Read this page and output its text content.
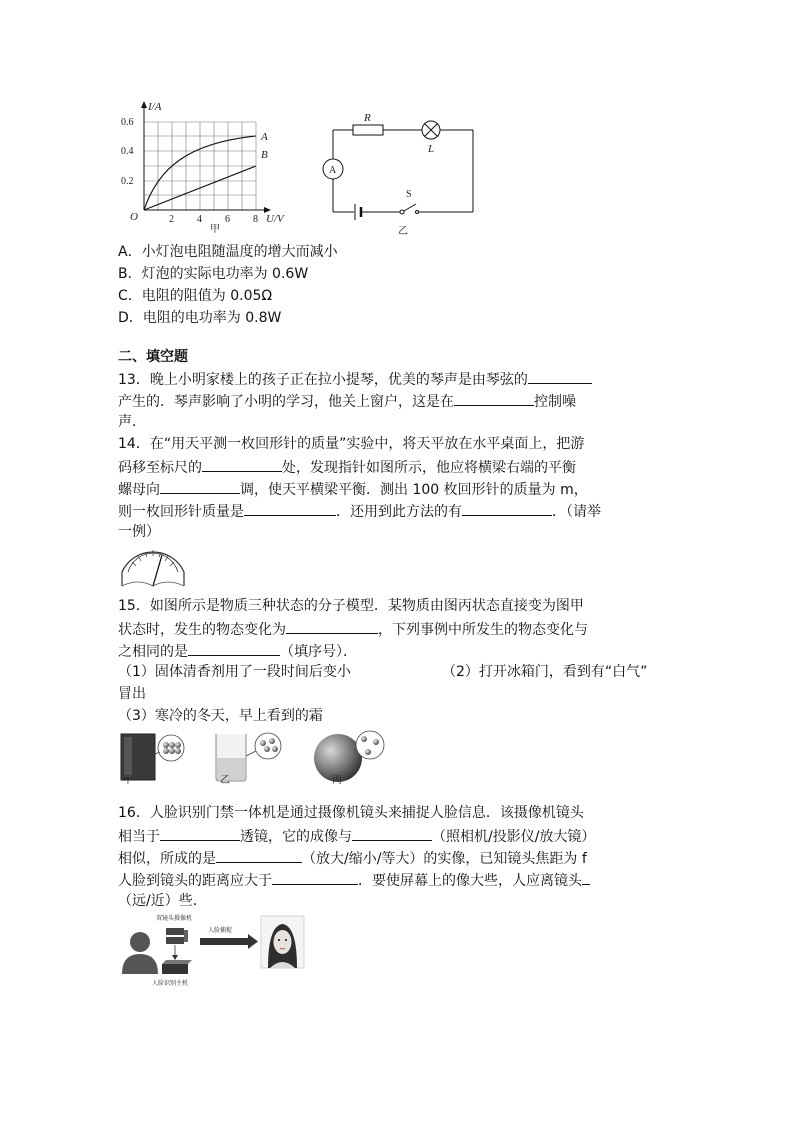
I/A
0.6
0.4
0.2
O	2 4 6 8 U/V
A
B
甲
R
L
A
S
乙
A．小灯泡电阻随温度的增大而减小
B．灯泡的实际电功率为 0.6W
C．电阻的阻值为 0.05Ω
D．电阻的电功率为 0.8W
二、填空题
13．晚上小明家楼上的孩子正在拉小提琴，优美的琴声是由琴弦的
产生的．琴声影响了小明的学习，他关上窗户，这是在	控制噪
声．
14．在“用天平测一枚回形针的质量”实验中，将天平放在水平桌面上，把游
码移至标尺的	处，发现指针如图所示，他应将横梁右端的平衡
螺母向	调，使天平横梁平衡．测出 100 枚回形针的质量为 m，
则一枚回形针质量是	．还用到此方法的有	．（请举
一例）
15．如图所示是物质三种状态的分子模型．某物质由图丙状态直接变为图甲
状态时，发生的物态变化为	，下列事例中所发生的物态变化与
之相同的是	（填序号）．
（1）固体清香剂用了一段时间后变小	（2）打开冰箱门，看到有“白气”
冒出
（3）寒冷的冬天，早上看到的霜
甲	乙	丙
16．人脸识别门禁一体机是通过摄像机镜头来捕捉人脸信息．该摄像机镜头
相当于	透镜，它的成像与	（照相机/投影仪/放大镜）
相似，所成的是	（放大/缩小/等大）的实像，已知镜头焦距为 f
人脸到镜头的距离应大于	．要使屏幕上的像大些，人应离镜头
（远/近）些．
双镜头摄像机
人脸识别主机
人脸捕捉
